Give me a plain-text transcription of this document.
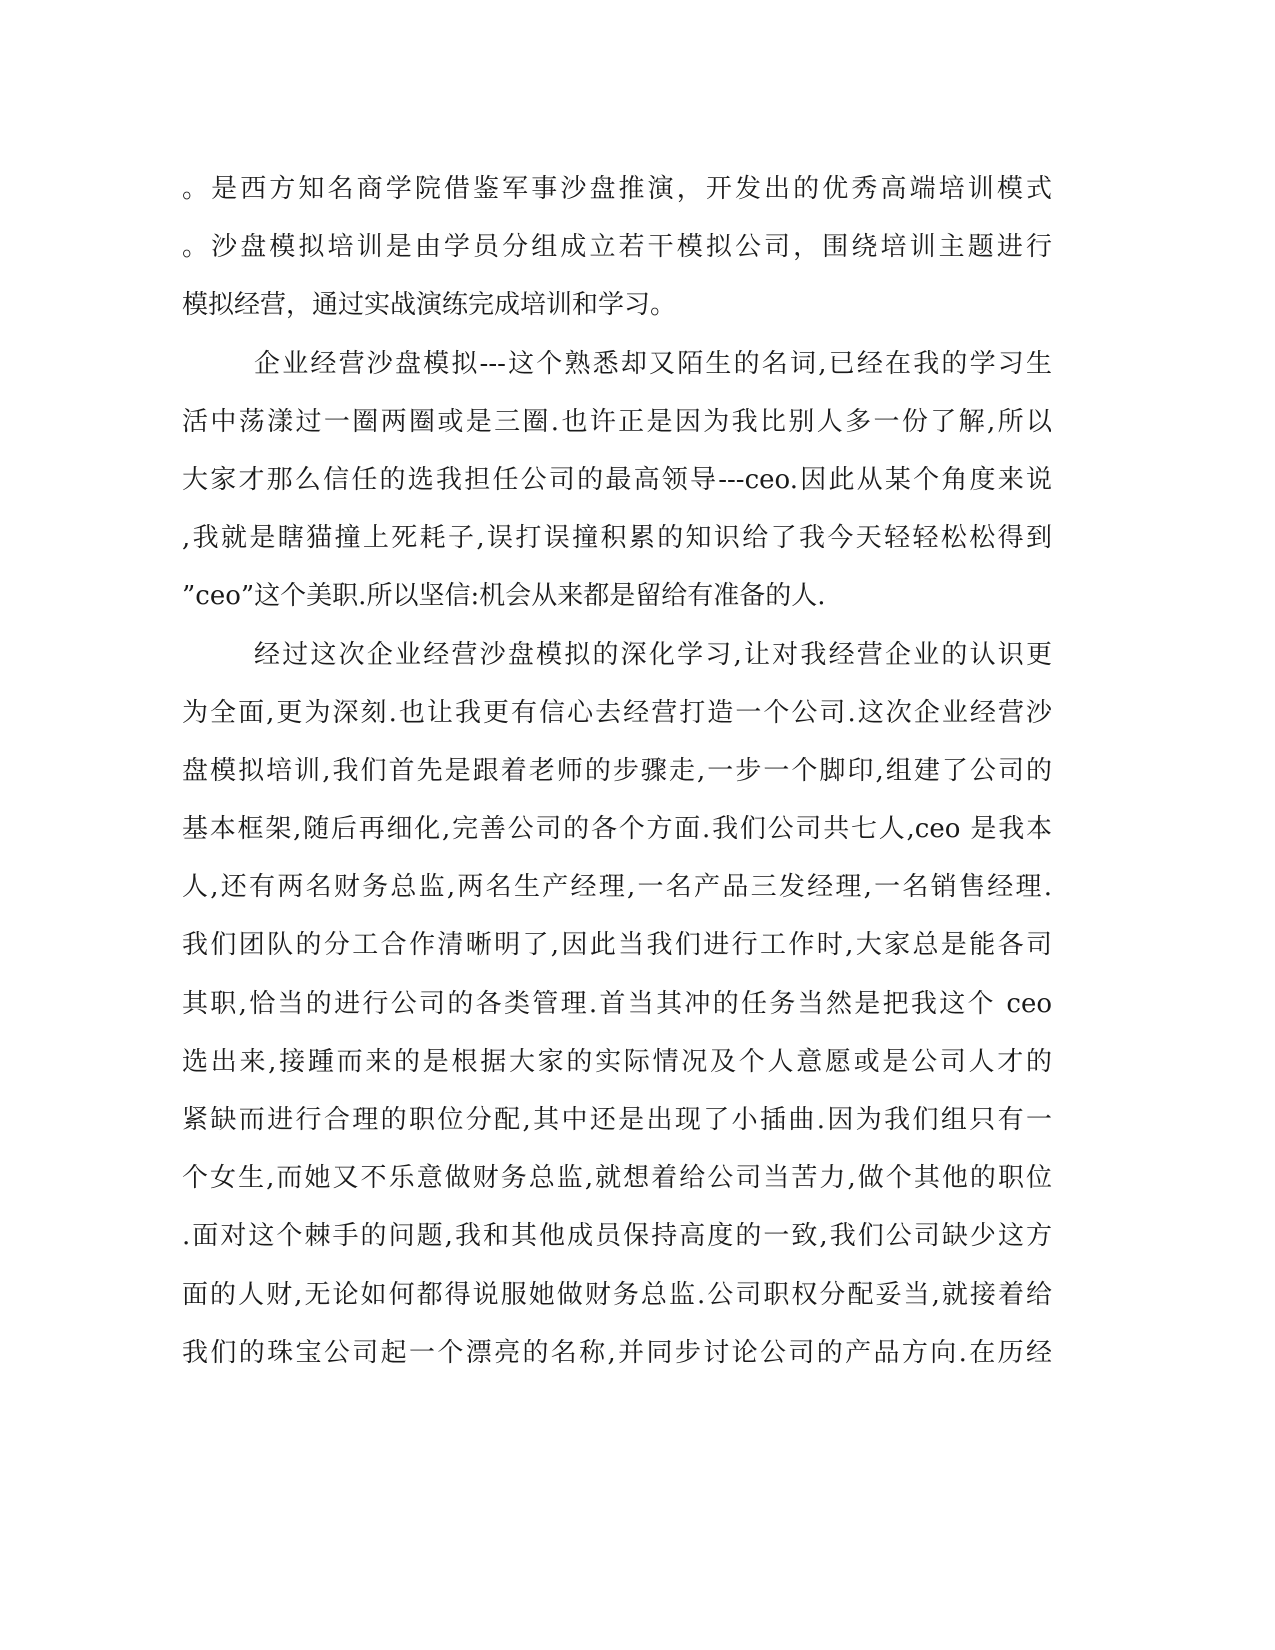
。是西方知名商学院借鉴军事沙盘推演，开发出的优秀高端培训模式
。沙盘模拟培训是由学员分组成立若干模拟公司，围绕培训主题进行
模拟经营，通过实战演练完成培训和学习。
企业经营沙盘模拟---这个熟悉却又陌生的名词,已经在我的学习生
活中荡漾过一圈两圈或是三圈.也许正是因为我比别人多一份了解,所以
大家才那么信任的选我担任公司的最高领导---ceo.因此从某个角度来说
,我就是瞎猫撞上死耗子,误打误撞积累的知识给了我今天轻轻松松得到
”ceo”这个美职.所以坚信:机会从来都是留给有准备的人.
经过这次企业经营沙盘模拟的深化学习,让对我经营企业的认识更
为全面,更为深刻.也让我更有信心去经营打造一个公司.这次企业经营沙
盘模拟培训,我们首先是跟着老师的步骤走,一步一个脚印,组建了公司的
基本框架,随后再细化,完善公司的各个方面.我们公司共七人,ceo 是我本
人,还有两名财务总监,两名生产经理,一名产品三发经理,一名销售经理.
我们团队的分工合作清晰明了,因此当我们进行工作时,大家总是能各司
其职,恰当的进行公司的各类管理.首当其冲的任务当然是把我这个 ceo
选出来,接踵而来的是根据大家的实际情况及个人意愿或是公司人才的
紧缺而进行合理的职位分配,其中还是出现了小插曲.因为我们组只有一
个女生,而她又不乐意做财务总监,就想着给公司当苦力,做个其他的职位
.面对这个棘手的问题,我和其他成员保持高度的一致,我们公司缺少这方
面的人财,无论如何都得说服她做财务总监.公司职权分配妥当,就接着给
我们的珠宝公司起一个漂亮的名称,并同步讨论公司的产品方向.在历经
